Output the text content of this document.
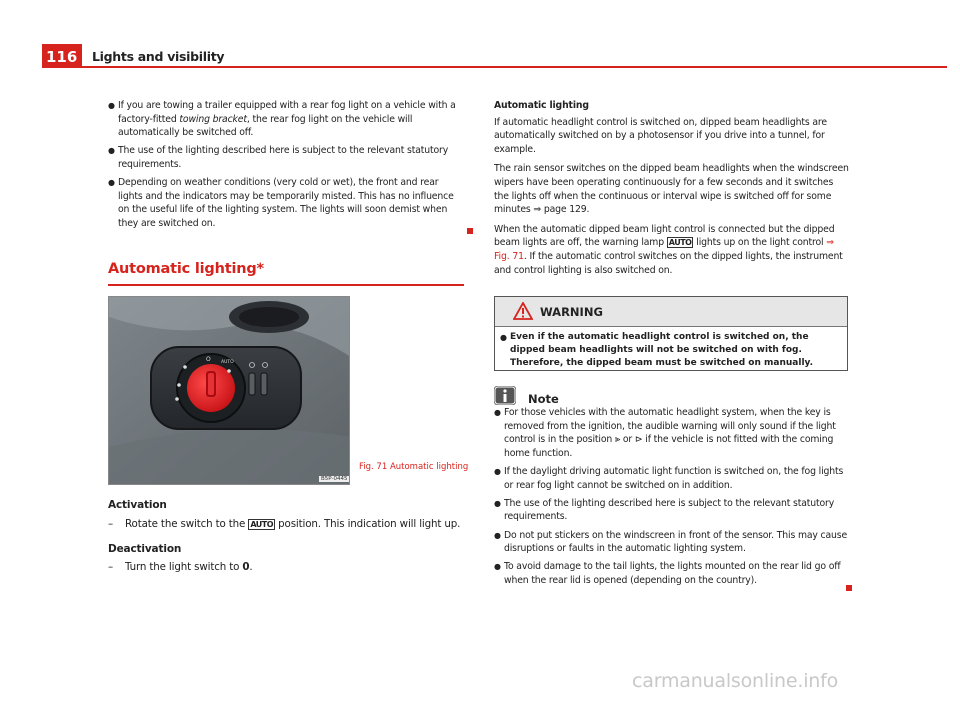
116 Lights and visibility
● If you are towing a trailer equipped with a rear fog light on a vehicle with a factory-fitted towing bracket, the rear fog light on the vehicle will automatically be switched off.
● The use of the lighting described here is subject to the relevant statutory requirements.
● Depending on weather conditions (very cold or wet), the front and rear lights and the indicators may be temporarily misted. This has no influence on the useful life of the lighting system. The lights will soon demist when they are switched on.
Automatic lighting*
O AUTO
B5P-0445
Fig. 71 Automatic lighting
Activation
–	Rotate the switch to the AUTO position. This indication will light up.
Deactivation
–	Turn the light switch to 0.
Automatic lighting

If automatic headlight control is switched on, dipped beam headlights are automatically switched on by a photosensor if you drive into a tunnel, for example.

The rain sensor switches on the dipped beam headlights when the windscreen wipers have been operating continuously for a few seconds and it switches the lights off when the continuous or interval wipe is switched off for some minutes ⇒ page 129.

When the automatic dipped beam light control is connected but the dipped beam lights are off, the warning lamp AUTO lights up on the light control ⇒ Fig. 71. If the automatic control switches on the dipped lights, the instrument and control lighting is also switched on.

WARNING
● Even if the automatic headlight control is switched on, the dipped beam headlights will not be switched on with fog. Therefore, the dipped beam must be switched on manually.
Note
● For those vehicles with the automatic headlight system, when the key is removed from the ignition, the audible warning will only sound if the light control is in the position ⫸ or ⊳ if the vehicle is not fitted with the coming home function.
● If the daylight driving automatic light function is switched on, the fog lights or rear fog light cannot be switched on in addition.
● The use of the lighting described here is subject to the relevant statutory requirements.
● Do not put stickers on the windscreen in front of the sensor. This may cause disruptions or faults in the automatic lighting system.
● To avoid damage to the tail lights, the lights mounted on the rear lid go off when the rear lid is opened (depending on the country).
carmanualsonline.info
